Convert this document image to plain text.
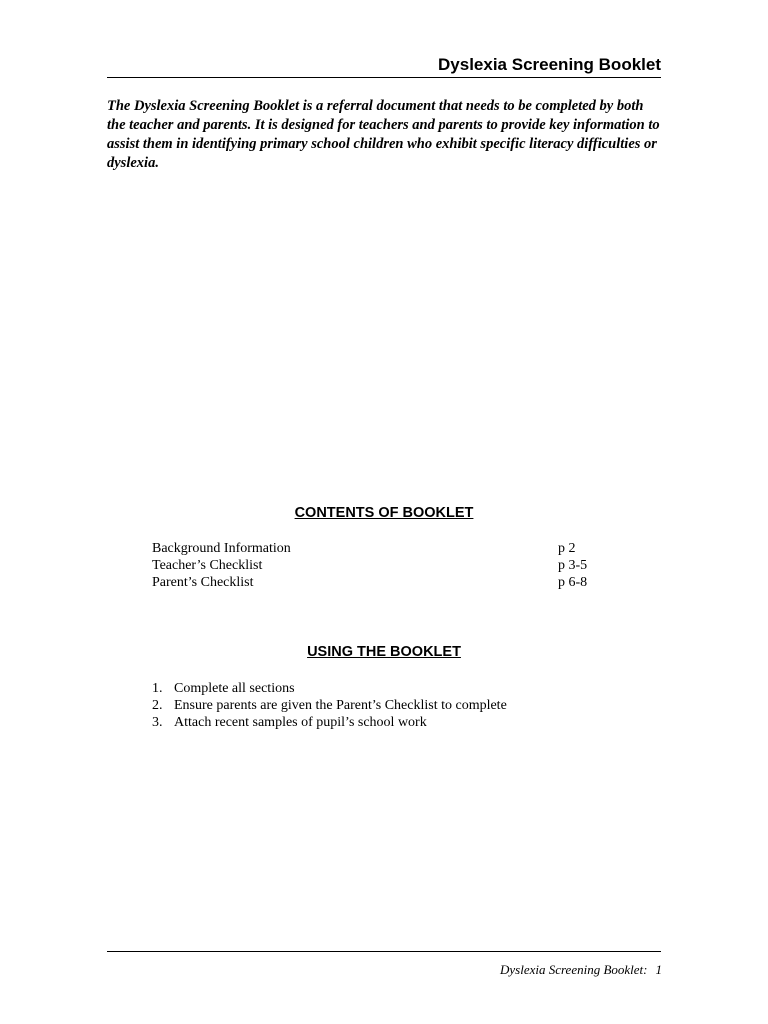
Dyslexia Screening Booklet

The Dyslexia Screening Booklet is a referral document that needs to be completed by both the teacher and parents. It is designed for teachers and parents to provide key information to assist them in identifying primary school children who exhibit specific literacy difficulties or dyslexia.

CONTENTS OF BOOKLET
Background Information	p 2
Teacher’s Checklist	p 3-5
Parent’s Checklist	p 6-8
USING THE BOOKLET
1. Complete all sections
2. Ensure parents are given the Parent’s Checklist to complete
3. Attach recent samples of pupil’s school work
Dyslexia Screening Booklet: 1
